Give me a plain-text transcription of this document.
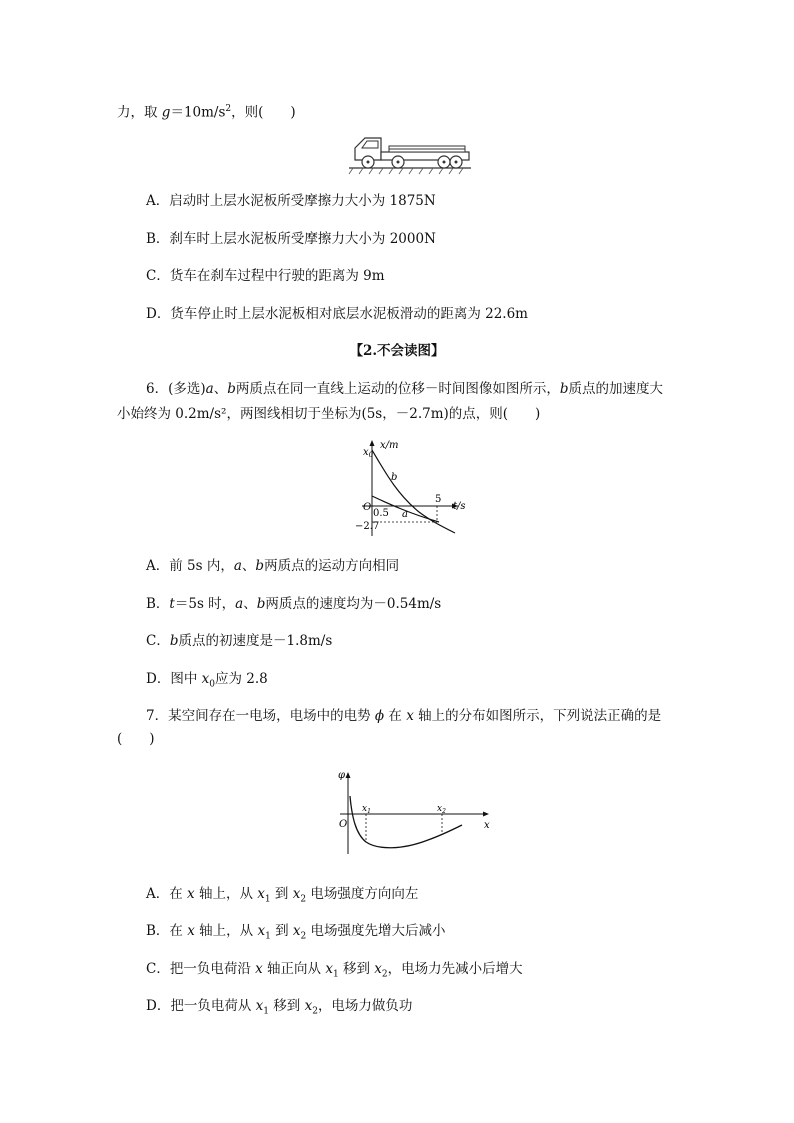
力，取 $g=10m/s^2$，则(　　)
A．启动时上层水泥板所受摩擦力大小为 1875N
B．刹车时上层水泥板所受摩擦力大小为 2000N
C．货车在刹车过程中行驶的距离为 9m
D．货车停止时上层水泥板相对底层水泥板滑动的距离为 22.6m
【2.不会读图】
6．(多选)a、b两质点在同一直线上运动的位移－时间图像如图所示，b质点的加速度大
小始终为 0.2m/s²，两图线相切于坐标为(5s，－2.7m)的点，则(　　)
x/m
t/s
$x_0$
O
0.5
5
−2.7
b
a
A．前 5s 内，a、b两质点的运动方向相同
B．t＝5s 时，a、b两质点的速度均为－0.54m/s
C．b质点的初速度是－1.8m/s
D．图中 $x_0$应为 2.8
7．某空间存在一电场，电场中的电势 ϕ 在 x 轴上的分布如图所示，下列说法正确的是
(　　)
φ
x
O
$x_1$	$x_2$
A．在 x 轴上，从 $x_1$ 到 $x_2$ 电场强度方向向左
B．在 x 轴上，从 $x_1$ 到 $x_2$ 电场强度先增大后减小
C．把一负电荷沿 x 轴正向从 $x_1$ 移到 $x_2$，电场力先减小后增大
D．把一负电荷从 $x_1$ 移到 $x_2$，电场力做负功
